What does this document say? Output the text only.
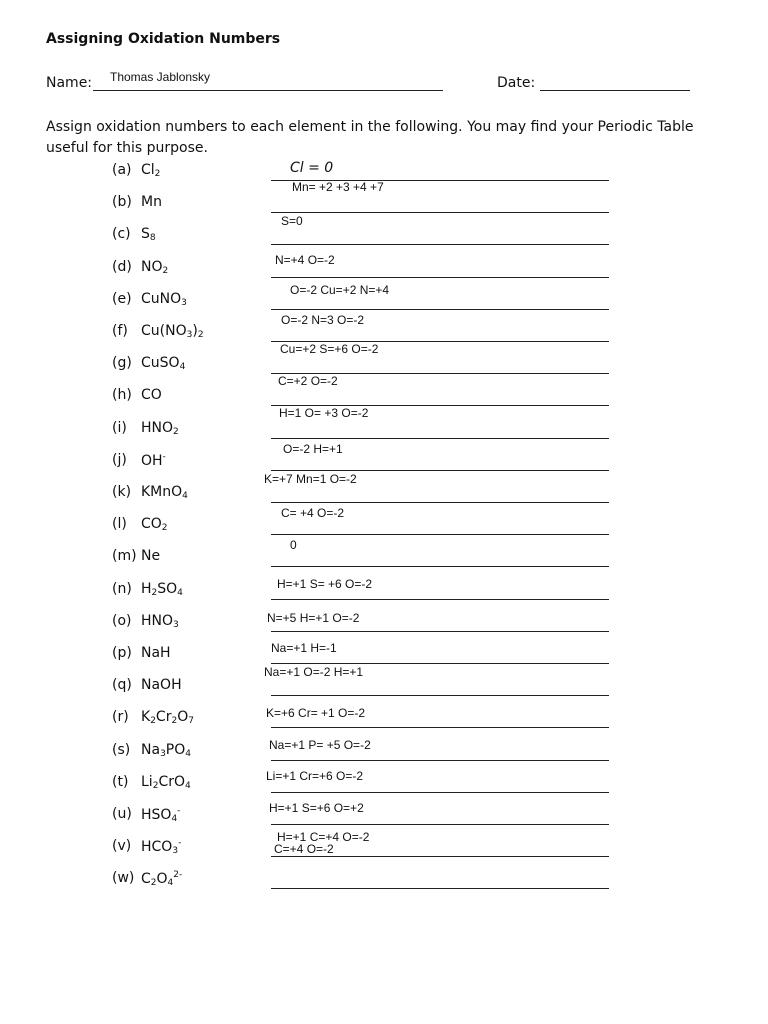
Assigning Oxidation Numbers
Name: Thomas Jablonsky	Date:
Assign oxidation numbers to each element in the following. You may find your Periodic Table useful for this purpose.
(a) $Cl_2$	Cl = 0
(b) Mn
Mn= +2 +3 +4 +7
(c) $S_8$
S=0
(d) $NO_2$
N=+4 O=-2
(e) CuNO$_3$
O=-2 Cu=+2 N=+4
(f) $Cu(NO_3)_2$
O=-2 N=3 O=-2
(g) CuSO$_4$
Cu=+2 S=+6 O=-2
(h) CO
C=+2 O=-2
(i) $HNO_2$
H=1 O= +3 O=-2
(j) OH-
O=-2 H=+1
(k) KMnO$_4$
K=+7 Mn=1 O=-2
(l) $CO_2$
C= +4 O=-2
(m) Ne
0
(n) $H_2SO_4$
H=+1 S= +6 O=-2
(o) $HNO_3$	N=+5 H=+1 O=-2
(p) NaH	Na=+1 H=-1
(q) NaOH
Na=+1 O=-2 H=+1
(r) $K_2Cr_2O_7$
K=+6 Cr= +1 O=-2
(s) $Na_3PO_4$
Na=+1 P= +5 O=-2
(t) $Li_2CrO_4$
Li=+1 Cr=+6 O=-2
(u) $HSO_4^-$	H=+1 S=+6 O=+2
(v) $HCO_3^-$	H=+1 C=+4 O=-2
(w) $C_2O_4^{2-}$
C=+4 O=-2
